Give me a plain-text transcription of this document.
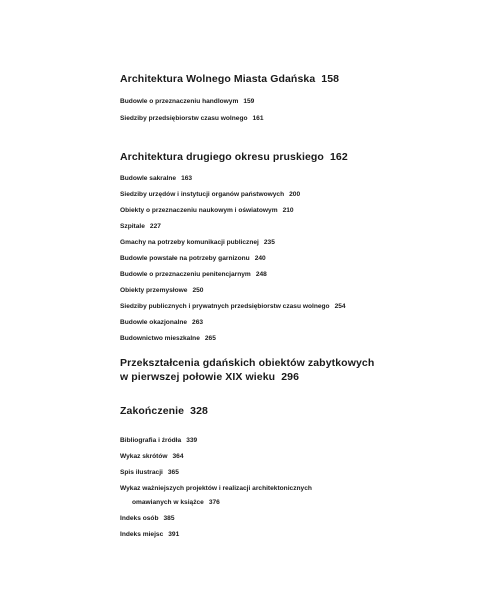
Architektura Wolnego Miasta Gdańska 158

Budowle o przeznaczeniu handlowym 159
Siedziby przedsiębiorstw czasu wolnego 161

Architektura drugiego okresu pruskiego 162

Budowle sakralne 163
Siedziby urzędów i instytucji organów państwowych 200
Obiekty o przeznaczeniu naukowym i oświatowym 210
Szpitale 227
Gmachy na potrzeby komunikacji publicznej 235
Budowle powstałe na potrzeby garnizonu 240
Budowle o przeznaczeniu penitencjarnym 248
Obiekty przemysłowe 250
Siedziby publicznych i prywatnych przedsiębiorstw czasu wolnego 254
Budowle okazjonalne 263
Budownictwo mieszkalne 265

Przekształcenia gdańskich obiektów zabytkowych
w pierwszej połowie XIX wieku 296

Zakończenie 328

Bibliografia i źródła 339
Wykaz skrótów 364
Spis ilustracji 365
Wykaz ważniejszych projektów i realizacji architektonicznych
omawianych w książce 376
Indeks osób 385
Indeks miejsc 391
